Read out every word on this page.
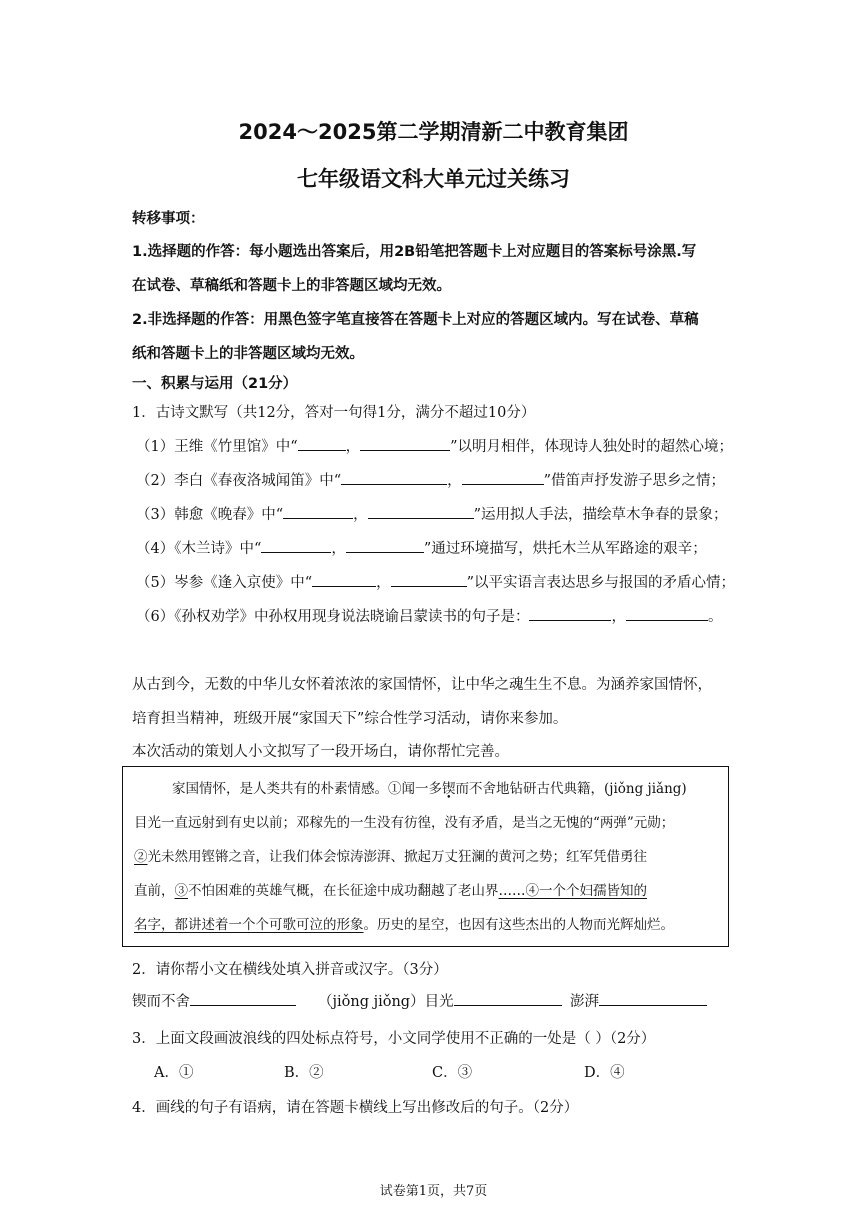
2024～2025第二学期清新二中教育集团
七年级语文科大单元过关练习
转移事项：
1.选择题的作答：每小题选出答案后，用2B铅笔把答题卡上对应题目的答案标号涂黑.写
在试卷、草稿纸和答题卡上的非答题区域均无效。
2.非选择题的作答：用黑色签字笔直接答在答题卡上对应的答题区域内。写在试卷、草稿
纸和答题卡上的非答题区域均无效。
一、积累与运用（21分）
1．古诗文默写（共12分，答对一句得1分，满分不超过10分）
（1）王维《竹里馆》中“	，	”以明月相伴，体现诗人独处时的超然心境；
（2）李白《春夜洛城闻笛》中“	，	”借笛声抒发游子思乡之情；
（3）韩愈《晚春》中“	，	”运用拟人手法，描绘草木争春的景象；
（4）《木兰诗》中“	，	”通过环境描写，烘托木兰从军路途的艰辛；
（5）岑参《逢入京使》中“	，	”以平实语言表达思乡与报国的矛盾心情；
（6）《孙权劝学》中孙权用现身说法晓谕吕蒙读书的句子是：	，	。
从古到今，无数的中华儿女怀着浓浓的家国情怀，让中华之魂生生不息。为涵养家国情怀，
培育担当精神，班级开展“家国天下”综合性学习活动，请你来参加。
本次活动的策划人小文拟写了一段开场白，请你帮忙完善。
家国情怀，是人类共有的朴素情感。①闻一多锲而不舍地钻研古代典籍，(jiǒng jiǎng)
目光一直远射到有史以前；邓稼先的一生没有彷徨，没有矛盾，是当之无愧的“两弹”元勋；
②光未然用铿锵之音，让我们体会惊涛澎湃、掀起万丈狂澜的黄河之势；红军凭借勇往
直前，③不怕困难的英雄气概，在长征途中成功翻越了老山界……④一个个妇孺皆知的
名字，都讲述着一个个可歌可泣的形象。历史的星空，也因有这些杰出的人物而光辉灿烂。
2．请你帮小文在横线处填入拼音或汉字。（3分）
锲而不舍	（jiǒng jiǒng）目光	澎湃
3．上面文段画波浪线的四处标点符号，小文同学使用不正确的一处是（ ）（2分）
A．①	B．②	C．③	D．④
4．画线的句子有语病，请在答题卡横线上写出修改后的句子。（2分）
试卷第1页，共7页
